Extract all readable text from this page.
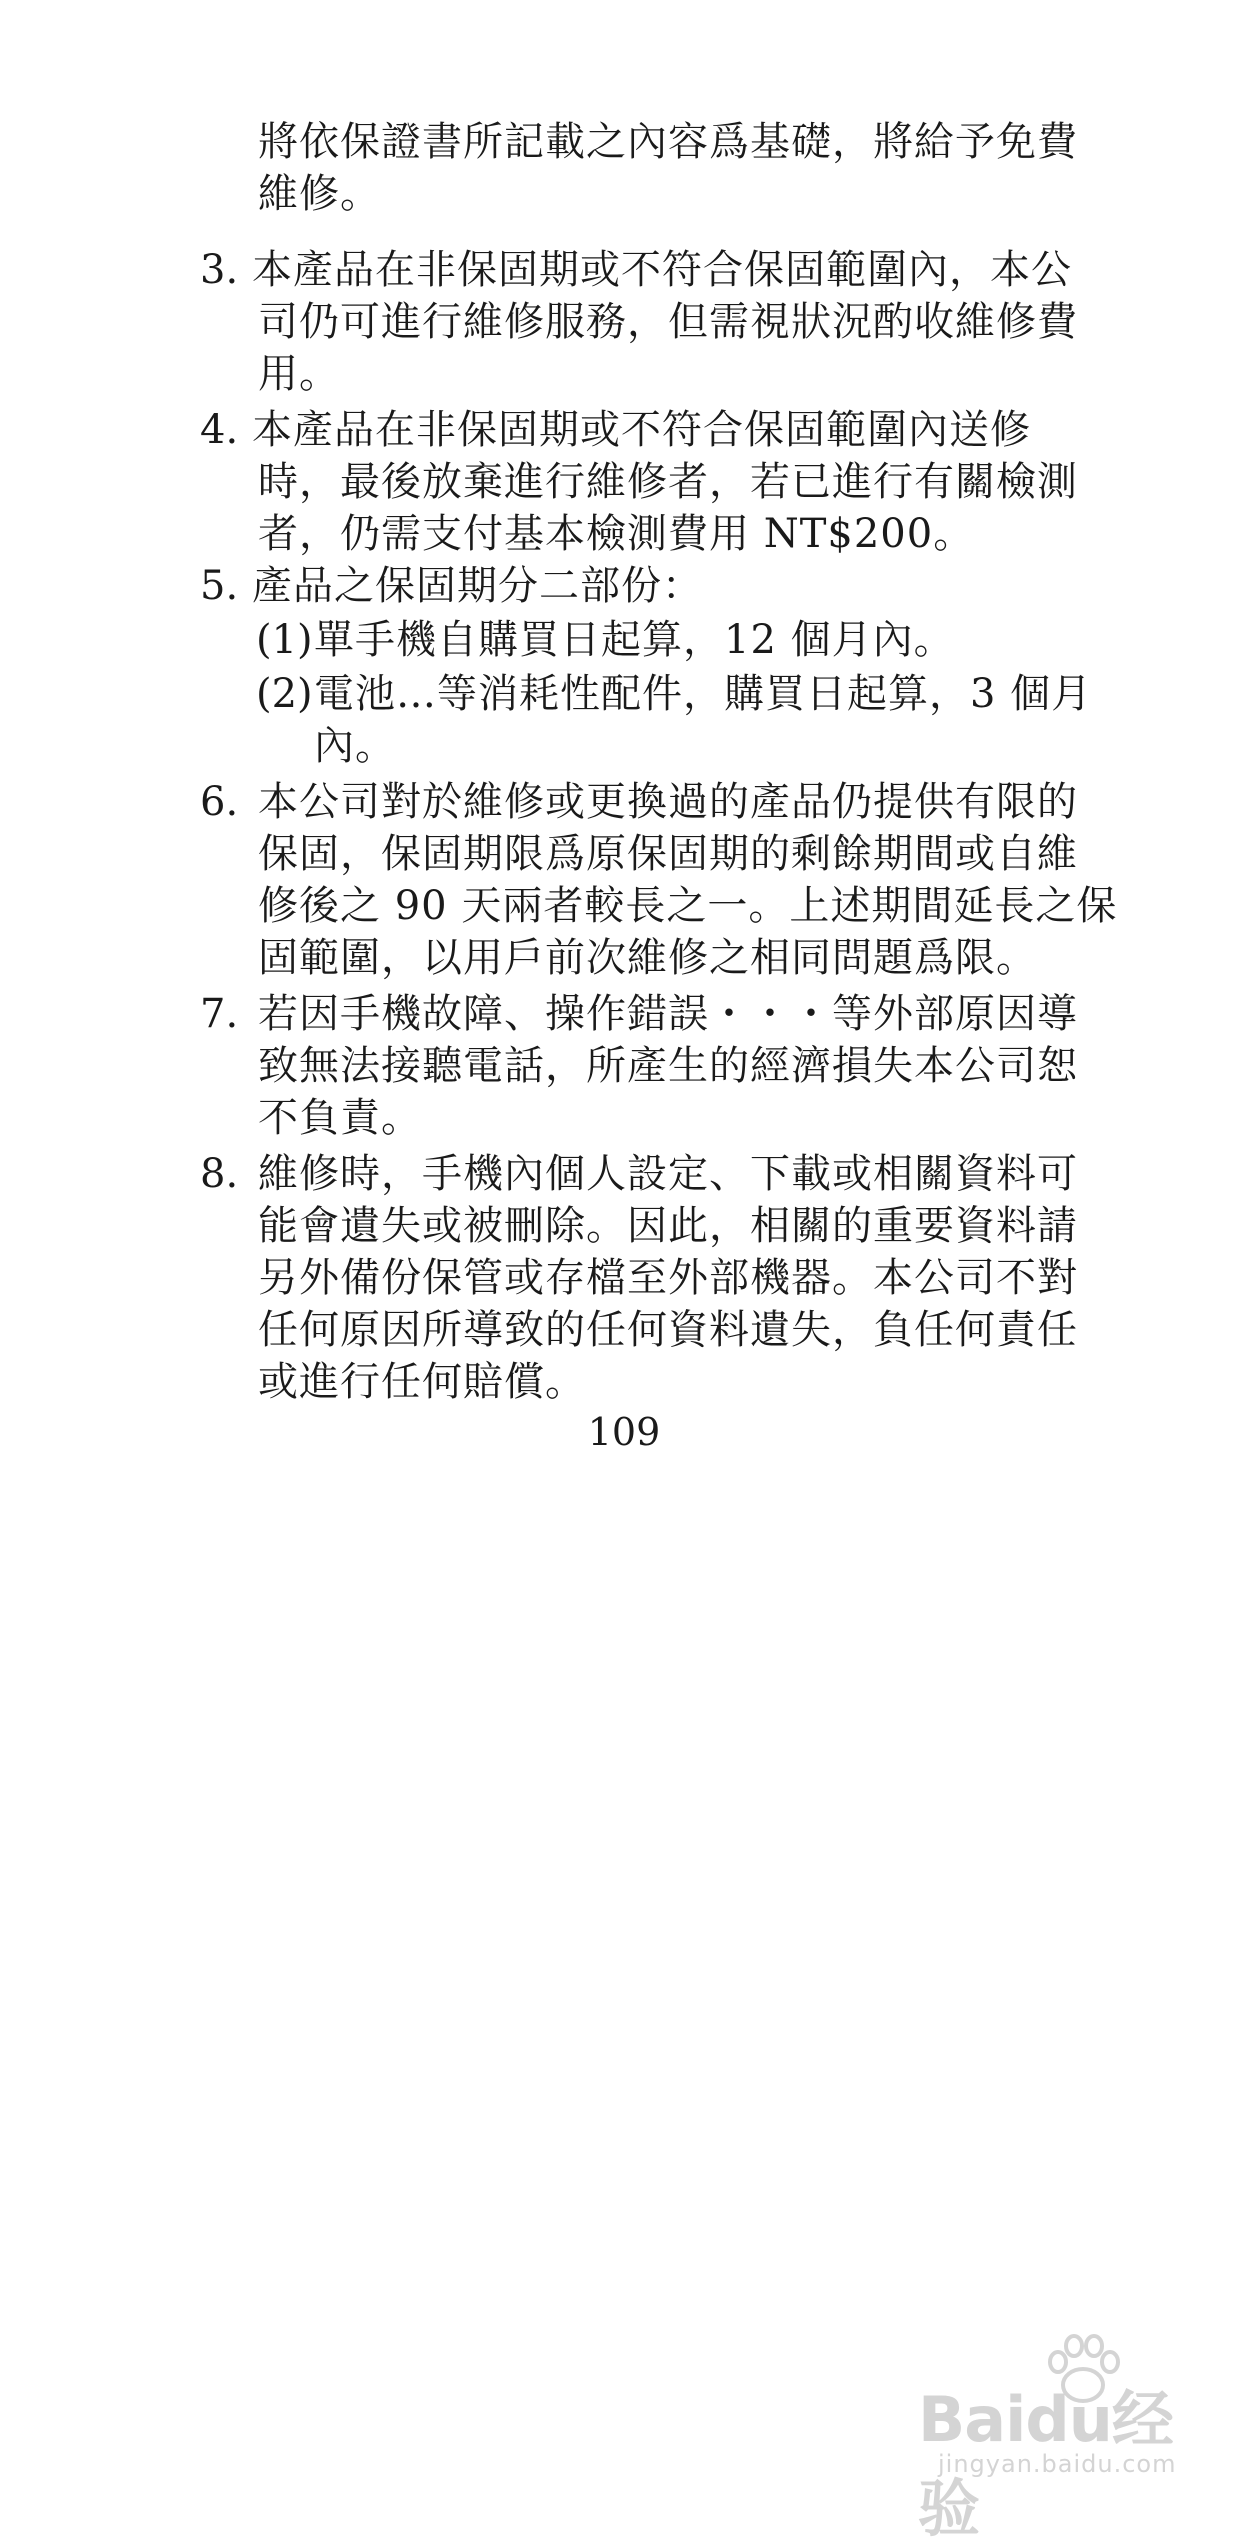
將依保證書所記載之內容爲基礎，將給予免費
維修。
3. 本產品在非保固期或不符合保固範圍內，本公
司仍可進行維修服務，但需視狀況酌收維修費
用。
4. 本產品在非保固期或不符合保固範圍內送修
時，最後放棄進行維修者，若已進行有關檢測
者，仍需支付基本檢測費用 NT$200。
5. 產品之保固期分二部份：
(1) 單手機自購買日起算，12 個月內。
(2) 電池…等消耗性配件，購買日起算，3 個月
內。
6. 本公司對於維修或更換過的產品仍提供有限的
保固，保固期限爲原保固期的剩餘期間或自維
修後之 90 天兩者較長之一。上述期間延長之保
固範圍，以用戶前次維修之相同問題爲限。
7. 若因手機故障、操作錯誤・・・等外部原因導
致無法接聽電話，所產生的經濟損失本公司恕
不負責。
8. 維修時，手機內個人設定、下載或相關資料可
能會遺失或被刪除。因此，相關的重要資料請
另外備份保管或存檔至外部機器。本公司不對
任何原因所導致的任何資料遺失，負任何責任
或進行任何賠償。
109
Baidu经验
jingyan.baidu.com
